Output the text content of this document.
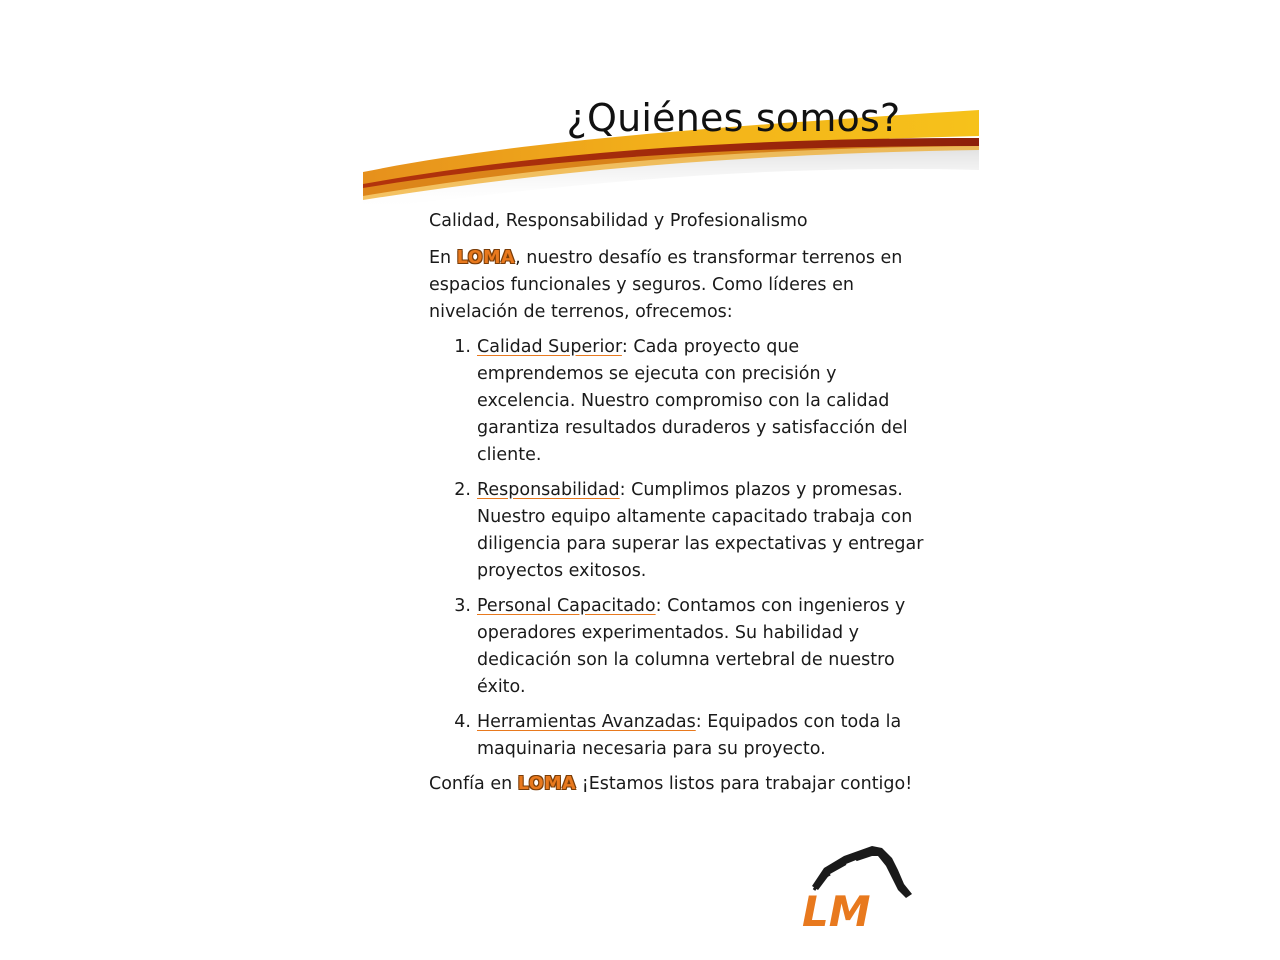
¿Quiénes somos?

Calidad, Responsabilidad y Profesionalismo

En LOMA, nuestro desafío es transformar terrenos en espacios funcionales y seguros. Como líderes en nivelación de terrenos, ofrecemos:

1. Calidad Superior: Cada proyecto que emprendemos se ejecuta con precisión y excelencia. Nuestro compromiso con la calidad garantiza resultados duraderos y satisfacción del cliente.
2. Responsabilidad: Cumplimos plazos y promesas. Nuestro equipo altamente capacitado trabaja con diligencia para superar las expectativas y entregar proyectos exitosos.
3. Personal Capacitado: Contamos con ingenieros y operadores experimentados. Su habilidad y dedicación son la columna vertebral de nuestro éxito.
4. Herramientas Avanzadas: Equipados con toda la maquinaria necesaria para su proyecto.

Confía en LOMA ¡Estamos listos para trabajar contigo!

LM
